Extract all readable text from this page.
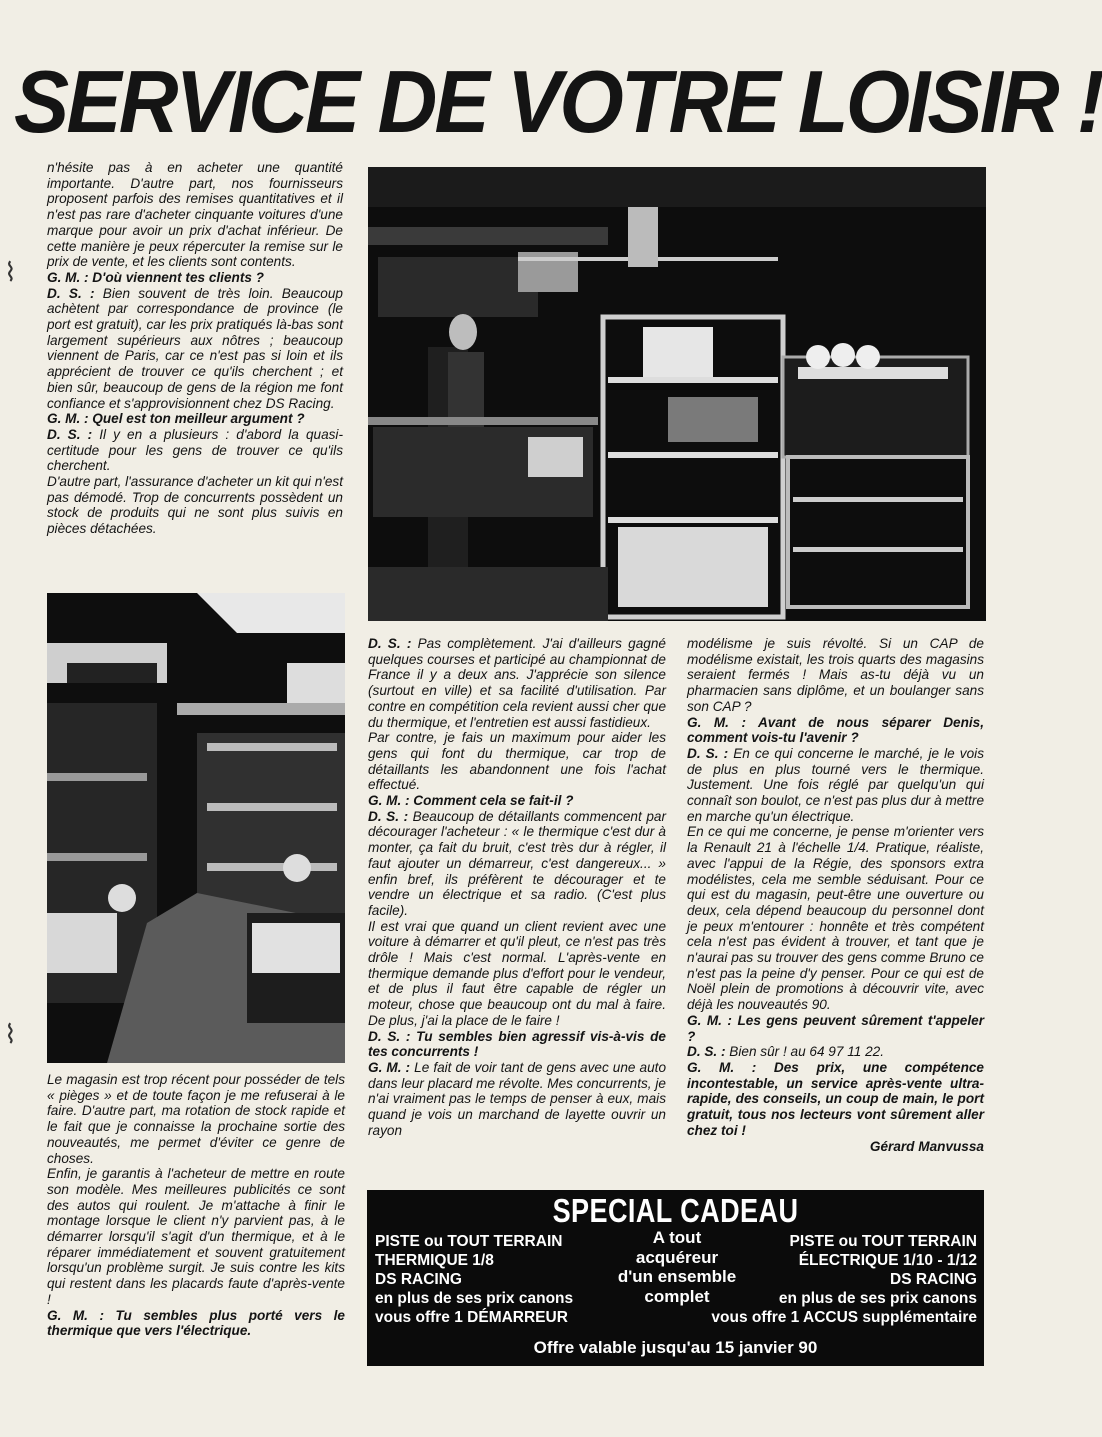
SERVICE DE VOTRE LOISIR !
⌇
⌇

n'hésite pas à en acheter une quantité importante. D'autre part, nos fournisseurs proposent parfois des remises quantitatives et il n'est pas rare d'acheter cinquante voitures d'une marque pour avoir un prix d'achat inférieur. De cette manière je peux répercuter la remise sur le prix de vente, et les clients sont contents.

G. M. : D'où viennent tes clients ?

D. S. : Bien souvent de très loin. Beaucoup achètent par correspondance de province (le port est gratuit), car les prix pratiqués là-bas sont largement supérieurs aux nôtres ; beaucoup viennent de Paris, car ce n'est pas si loin et ils apprécient de trouver ce qu'ils cherchent ; et bien sûr, beaucoup de gens de la région me font confiance et s'approvisionnent chez DS Racing.

G. M. : Quel est ton meilleur argument ?

D. S. : Il y en a plusieurs : d'abord la quasi-certitude pour les gens de trouver ce qu'ils cherchent.

D'autre part, l'assurance d'acheter un kit qui n'est pas démodé. Trop de concurrents possèdent un stock de produits qui ne sont plus suivis en pièces détachées.

D. S. : Pas complètement. J'ai d'ailleurs gagné quelques courses et participé au championnat de France il y a deux ans. J'apprécie son silence (surtout en ville) et sa facilité d'utilisation. Par contre en compétition cela revient aussi cher que du thermique, et l'entretien est aussi fastidieux.

Par contre, je fais un maximum pour aider les gens qui font du thermique, car trop de détaillants les abandonnent une fois l'achat effectué.

G. M. : Comment cela se fait-il ?

D. S. : Beaucoup de détaillants commencent par décourager l'acheteur : « le thermique c'est dur à monter, ça fait du bruit, c'est très dur à régler, il faut ajouter un démarreur, c'est dangereux... » enfin bref, ils préfèrent te décourager et te vendre un électrique et sa radio. (C'est plus facile).

Il est vrai que quand un client revient avec une voiture à démarrer et qu'il pleut, ce n'est pas très drôle ! Mais c'est normal. L'après-vente en thermique demande plus d'effort pour le vendeur, et de plus il faut être capable de régler un moteur, chose que beaucoup ont du mal à faire. De plus, j'ai la place de le faire !

D. S. : Tu sembles bien agressif vis-à-vis de tes concurrents !

G. M. : Le fait de voir tant de gens avec une auto dans leur placard me révolte. Mes concurrents, je n'ai vraiment pas le temps de penser à eux, mais quand je vois un marchand de layette ouvrir un rayon

modélisme je suis révolté. Si un CAP de modélisme existait, les trois quarts des magasins seraient fermés ! Mais as-tu déjà vu un pharmacien sans diplôme, et un boulanger sans son CAP ?

G. M. : Avant de nous séparer Denis, comment vois-tu l'avenir ?

D. S. : En ce qui concerne le marché, je le vois de plus en plus tourné vers le thermique. Justement. Une fois réglé par quelqu'un qui connaît son boulot, ce n'est pas plus dur à mettre en marche qu'un électrique.

En ce qui me concerne, je pense m'orienter vers la Renault 21 à l'échelle 1/4. Pratique, réaliste, avec l'appui de la Régie, des sponsors extra modélistes, cela me semble séduisant. Pour ce qui est du magasin, peut-être une ouverture ou deux, cela dépend beaucoup du personnel dont je peux m'entourer : honnête et très compétent cela n'est pas évident à trouver, et tant que je n'aurai pas su trouver des gens comme Bruno ce n'est pas la peine d'y penser. Pour ce qui est de Noël plein de promotions à découvrir vite, avec déjà les nouveautés 90.

G. M. : Les gens peuvent sûrement t'appeler ?

D. S. : Bien sûr ! au 64 97 11 22.

G. M. : Des prix, une compétence incontestable, un service après-vente ultra-rapide, des conseils, un coup de main, le port gratuit, tous nos lecteurs vont sûrement aller chez toi !

Gérard Manvussa

Le magasin est trop récent pour posséder de tels « pièges » et de toute façon je me refuserai à le faire. D'autre part, ma rotation de stock rapide et le fait que je connaisse la prochaine sortie des nouveautés, me permet d'éviter ce genre de choses.

Enfin, je garantis à l'acheteur de mettre en route son modèle. Mes meilleures publicités ce sont des autos qui roulent. Je m'attache à finir le montage lorsque le client n'y parvient pas, à le démarrer lorsqu'il s'agit d'un thermique, et à le réparer immédiatement et souvent gratuitement lorsqu'un problème surgit. Je suis contre les kits qui restent dans les placards faute d'après-vente !

G. M. : Tu sembles plus porté vers le thermique que vers l'électrique.

SPECIAL CADEAU
PISTE ou TOUT TERRAIN
THERMIQUE 1/8
DS RACING
en plus de ses prix canons
vous offre 1 DÉMARREUR
A tout
acquéreur
d'un ensemble
complet
PISTE ou TOUT TERRAIN
ÉLECTRIQUE 1/10 - 1/12
DS RACING
en plus de ses prix canons
vous offre 1 ACCUS supplémentaire
Offre valable jusqu'au 15 janvier 90
